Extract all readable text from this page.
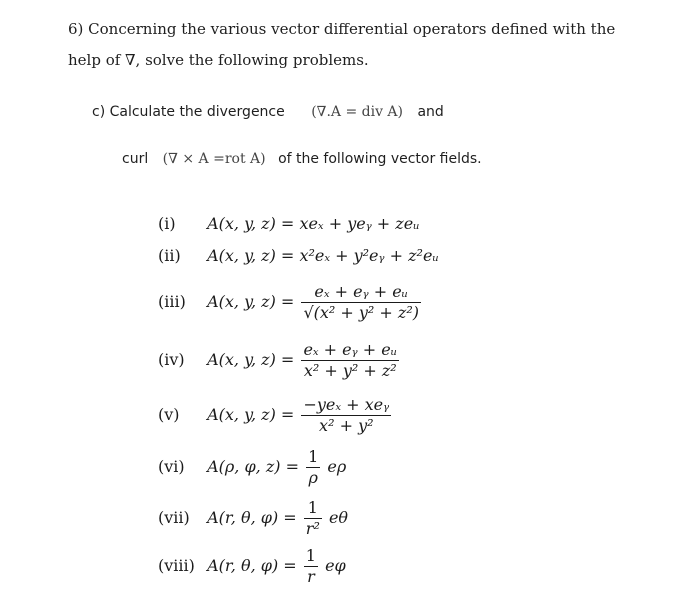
6) Concerning the various vector differential operators defined with the
help of ∇, solve the following problems.
c) Calculate the divergence (∇.A = div A) and
curl (∇ × A =rot A) of the following vector fields.
(i) A(x, y, z) = xeₓ + yeᵧ + zeᵤ
(ii) A(x, y, z) = x²eₓ + y²eᵧ + z²eᵤ
(iii) A(x, y, $z) = \frac{\text{eₓ + eᵧ + eᵤ}}{\text{√(x² + y² + z²)}}$
(iv) A(x, y, $z) = \frac{\text{eₓ + eᵧ + eᵤ}}{\text{x² + y² + z²}}$
(v) A(x, y, $z) = \frac{\text{−yeₓ + xeᵧ}}{\text{x² + y²}}$
(vi) A(ρ, φ, $z) = \frac{1}{\rho}$ eρ
(vii) A(r, θ, $\varphi) = \frac{1}{\text{r²}}$ eθ
(viii) A(r, θ, $\varphi) = \frac{1}{r}$ eφ
